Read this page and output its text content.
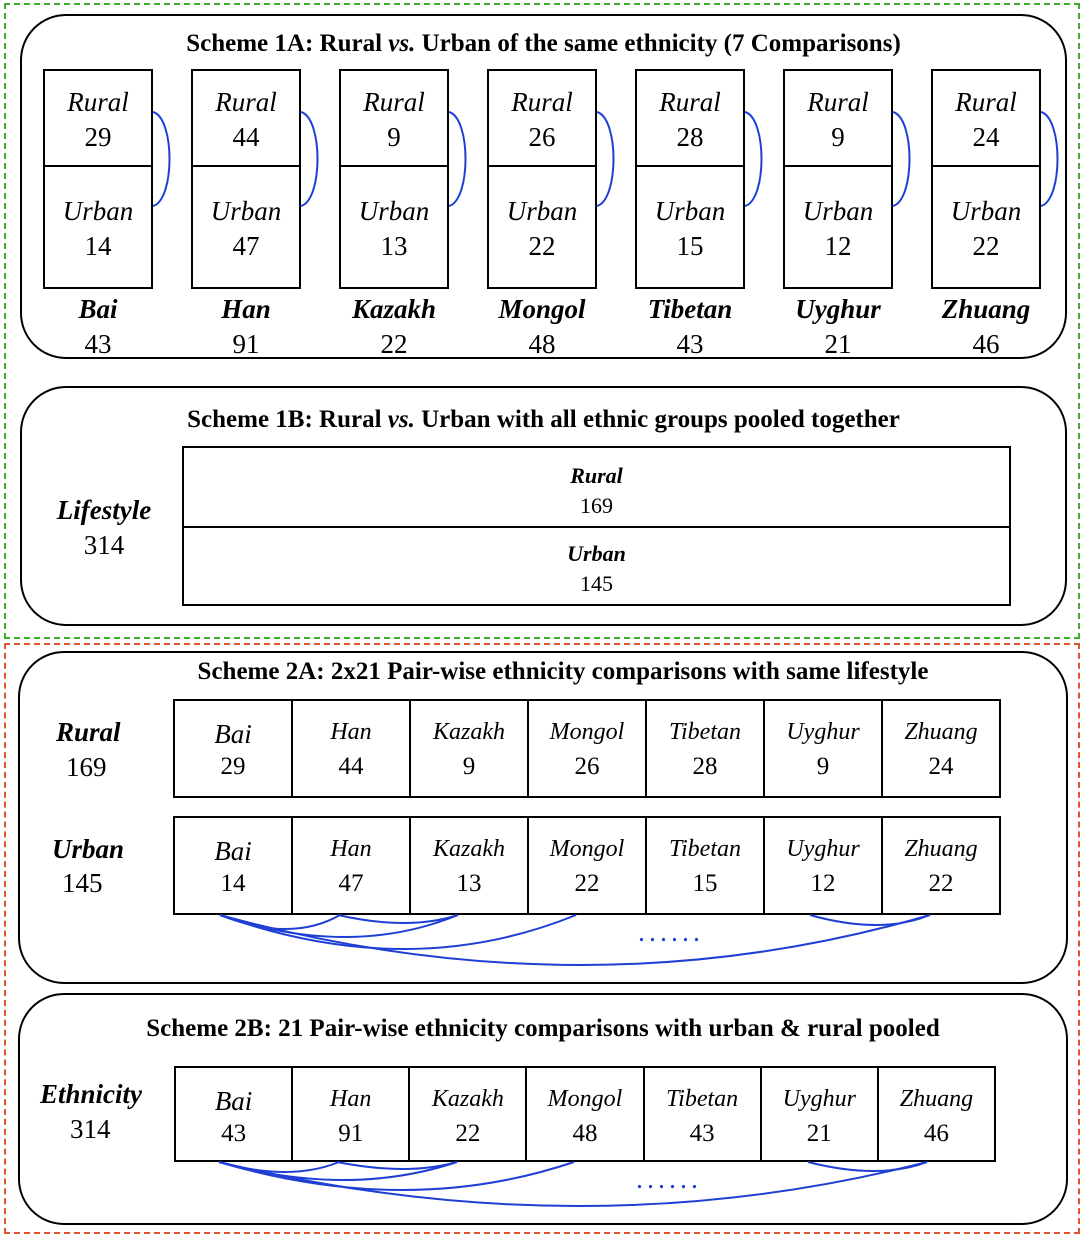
Scheme 1A: Rural vs. Urban of the same ethnicity (7 Comparisons)
Rural
29
Urban
14
Bai
43
Rural
44
Urban
47
Han
91
Rural
9
Urban
13
Kazakh
22
Rural
26
Urban
22
Mongol
48
Rural
28
Urban
15
Tibetan
43
Rural
9
Urban
12
Uyghur
21
Rural
24
Urban
22
Zhuang
46
Scheme 1B: Rural vs. Urban with all ethnic groups pooled together
Lifestyle
314
Rural
169
Urban
145
Scheme 2A: 2x21 Pair-wise ethnicity comparisons with same lifestyle
Rural
169
Urban
145
Bai
29
Han
44
Kazakh
9
Mongol
26
Tibetan
28
Uyghur
9
Zhuang
24
Bai
14
Han
47
Kazakh
13
Mongol
22
Tibetan
15
Uyghur
12
Zhuang
22
......
Scheme 2B: 21 Pair-wise ethnicity comparisons with urban & rural pooled
Ethnicity
314
Bai
43
Han
91
Kazakh
22
Mongol
48
Tibetan
43
Uyghur
21
Zhuang
46
......
